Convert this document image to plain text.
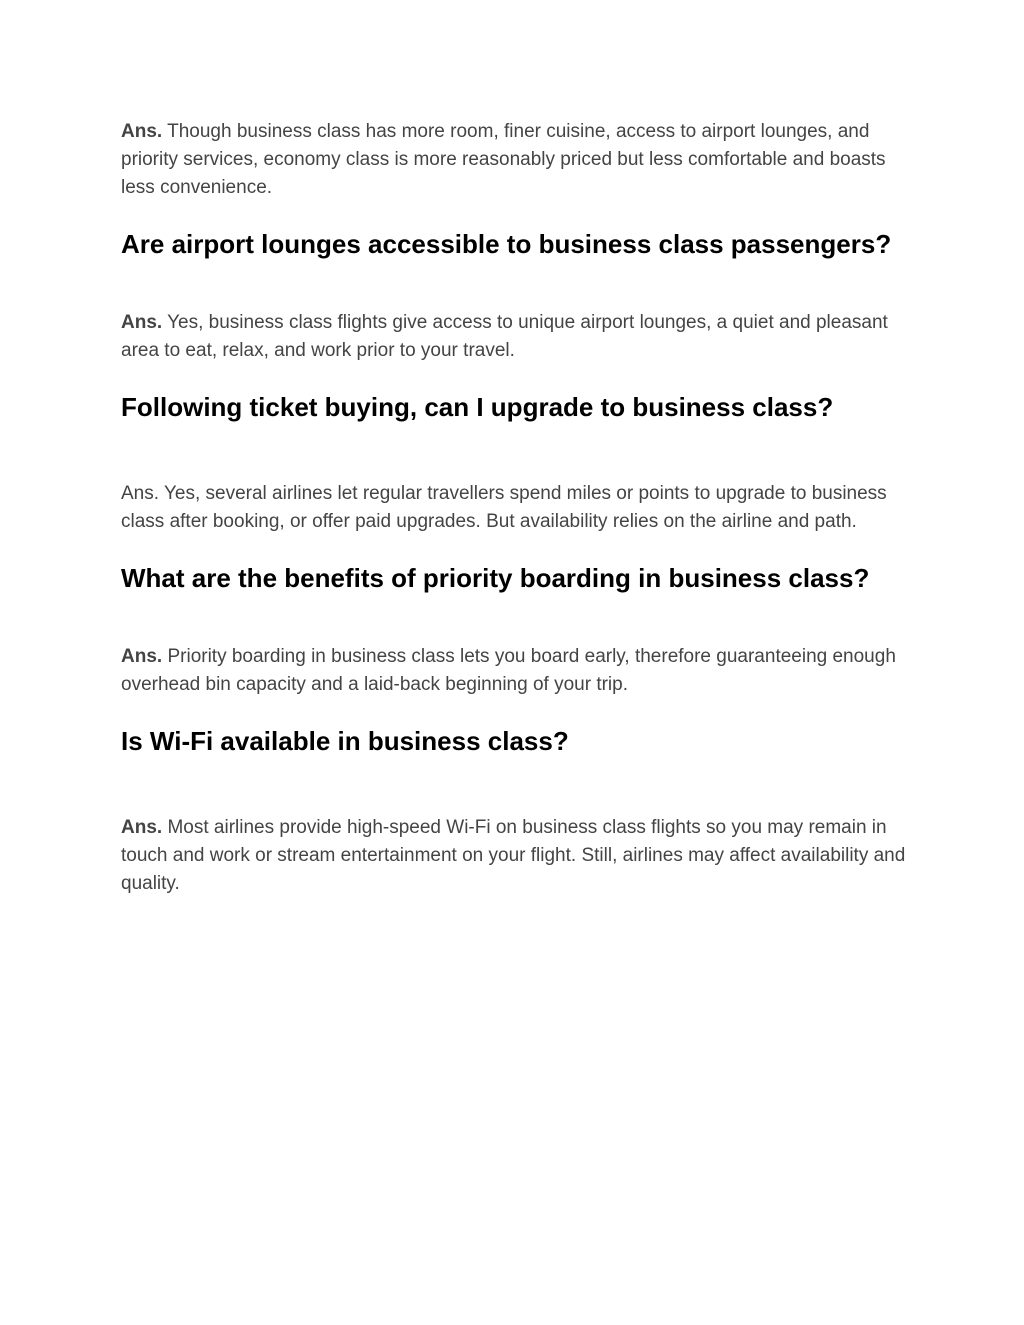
Ans. Though business class has more room, finer cuisine, access to airport lounges, and priority services, economy class is more reasonably priced but less comfortable and boasts less convenience.

Are airport lounges accessible to business class passengers?

Ans. Yes, business class flights give access to unique airport lounges, a quiet and pleasant area to eat, relax, and work prior to your travel.

Following ticket buying, can I upgrade to business class?

Ans. Yes, several airlines let regular travellers spend miles or points to upgrade to business class after booking, or offer paid upgrades. But availability relies on the airline and path.

What are the benefits of priority boarding in business class?

Ans. Priority boarding in business class lets you board early, therefore guaranteeing enough overhead bin capacity and a laid-back beginning of your trip.

Is Wi-Fi available in business class?

Ans. Most airlines provide high-speed Wi-Fi on business class flights so you may remain in touch and work or stream entertainment on your flight. Still, airlines may affect availability and quality.
